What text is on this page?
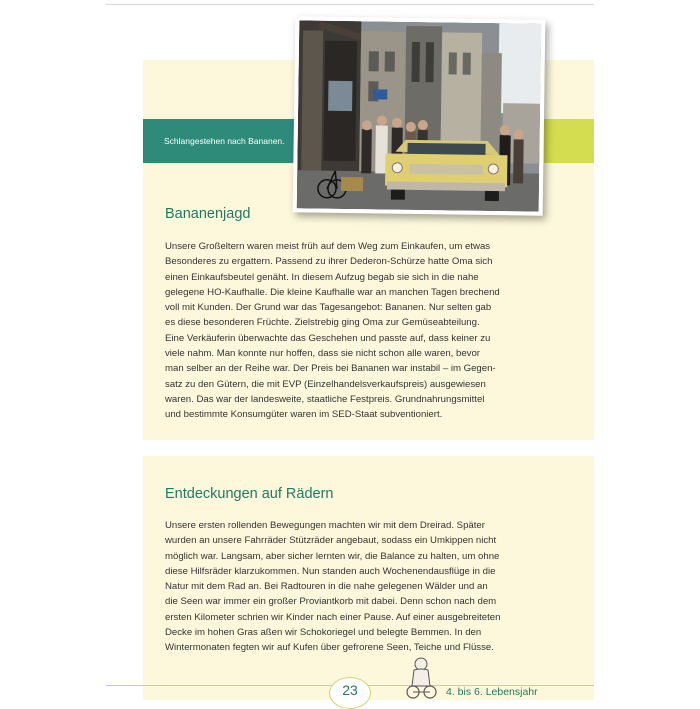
Schlangestehen nach Bananen.
Bananenjagd

Unsere Großeltern waren meist früh auf dem Weg zum Einkaufen, um etwas
Besonderes zu ergattern. Passend zu ihrer Dederon-Schürze hatte Oma sich
einen Einkaufsbeutel genäht. In diesem Aufzug begab sie sich in die nahe
gelegene HO-Kaufhalle. Die kleine Kaufhalle war an manchen Tagen brechend
voll mit Kunden. Der Grund war das Tagesangebot: Bananen. Nur selten gab
es diese besonderen Früchte. Zielstrebig ging Oma zur Gemüseabteilung.
Eine Verkäuferin überwachte das Geschehen und passte auf, dass keiner zu
viele nahm. Man konnte nur hoffen, dass sie nicht schon alle waren, bevor
man selber an der Reihe war. Der Preis bei Bananen war instabil – im Gegen-
satz zu den Gütern, die mit EVP (Einzelhandelsverkaufspreis) ausgewiesen
waren. Das war der landesweite, staatliche Festpreis. Grundnahrungsmittel
und bestimmte Konsumgüter waren im SED-Staat subventioniert.

Entdeckungen auf Rädern

Unsere ersten rollenden Bewegungen machten wir mit dem Dreirad. Später
wurden an unsere Fahrräder Stützräder angebaut, sodass ein Umkippen nicht
möglich war. Langsam, aber sicher lernten wir, die Balance zu halten, um ohne
diese Hilfsräder klarzukommen. Nun standen auch Wochenendausflüge in die
Natur mit dem Rad an. Bei Radtouren in die nahe gelegenen Wälder und an
die Seen war immer ein großer Proviantkorb mit dabei. Denn schon nach dem
ersten Kilometer schrien wir Kinder nach einer Pause. Auf einer ausgebreiteten
Decke im hohen Gras aßen wir Schokoriegel und belegte Bemmen. In den
Wintermonaten fegten wir auf Kufen über gefrorene Seen, Teiche und Flüsse.

23	4. bis 6. Lebensjahr
